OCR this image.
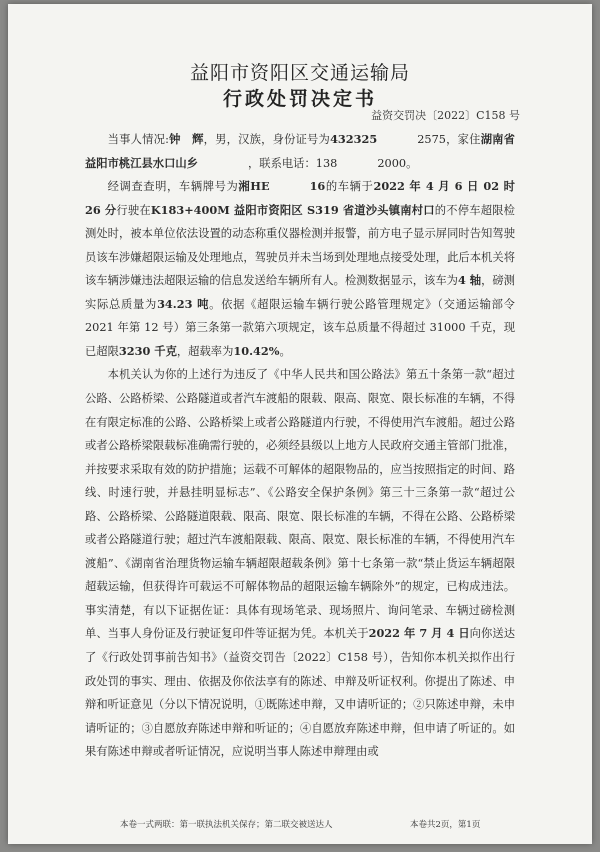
益阳市资阳区交通运输局
行政处罚决定书
益资交罚决〔2022〕C158 号

当事人情况:钟　辉，男，汉族，身份证号为432325	2575，家住湖南省益阳市桃江县水口山乡	，联系电话：138	2000。

经调查查明，车辆牌号为湘HE	16的车辆于2022 年 4 月 6 日 02 时 26 分行驶在K183+400M 益阳市资阳区 S319 省道沙头镇南村口的不停车超限检测处时，被本单位依法设置的动态称重仪器检测并报警，前方电子显示屏同时告知驾驶员该车涉嫌超限运输及处理地点，驾驶员并未当场到处理地点接受处理，此后本机关将该车辆涉嫌违法超限运输的信息发送给车辆所有人。检测数据显示，该车为4 轴，磅测实际总质量为34.23 吨。依据《超限运输车辆行驶公路管理规定》（交通运输部令 2021 年第 12 号）第三条第一款第六项规定，该车总质量不得超过 31000 千克，现已超限3230 千克，超载率为10.42%。

本机关认为你的上述行为违反了《中华人民共和国公路法》第五十条第一款“超过公路、公路桥梁、公路隧道或者汽车渡船的限载、限高、限宽、限长标准的车辆，不得在有限定标准的公路、公路桥梁上或者公路隧道内行驶，不得使用汽车渡船。超过公路或者公路桥梁限载标准确需行驶的，必须经县级以上地方人民政府交通主管部门批准，并按要求采取有效的防护措施；运载不可解体的超限物品的，应当按照指定的时间、路线、时速行驶，并悬挂明显标志”、《公路安全保护条例》第三十三条第一款“超过公路、公路桥梁、公路隧道限载、限高、限宽、限长标准的车辆，不得在公路、公路桥梁或者公路隧道行驶；超过汽车渡船限载、限高、限宽、限长标准的车辆，不得使用汽车渡船”、《湖南省治理货物运输车辆超限超载条例》第十七条第一款“禁止货运车辆超限超载运输，但获得许可载运不可解体物品的超限运输车辆除外”的规定，已构成违法。事实清楚，有以下证据佐证：具体有现场笔录、现场照片、询问笔录、车辆过磅检测单、当事人身份证及行驶证复印件等证据为凭。本机关于2022 年 7 月 4 日向你送达了《行政处罚事前告知书》（益资交罚告〔2022〕C158 号），告知你本机关拟作出行政处罚的事实、理由、依据及你依法享有的陈述、申辩及听证权利。你提出了陈述、申辩和听证意见（分以下情况说明，①既陈述申辩，又申请听证的；②只陈述申辩，未申请听证的；③自愿放弃陈述申辩和听证的；④自愿放弃陈述申辩，但申请了听证的。如果有陈述申辩或者听证情况，应说明当事人陈述申辩理由或

本卷一式两联：第一联执法机关保存；第二联交被送达人	本卷共2页，第1页
